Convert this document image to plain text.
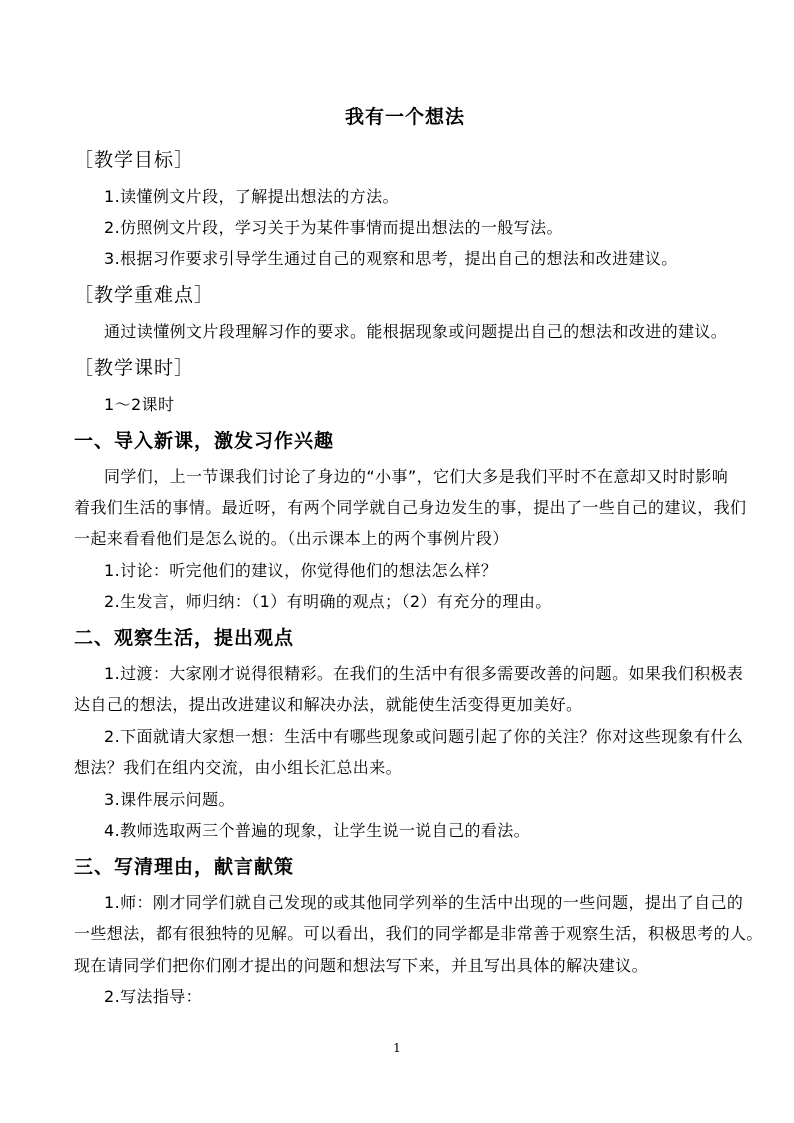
我有一个想法
［教学目标］
1.读懂例文片段，了解提出想法的方法。
2.仿照例文片段，学习关于为某件事情而提出想法的一般写法。
3.根据习作要求引导学生通过自己的观察和思考，提出自己的想法和改进建议。
［教学重难点］
通过读懂例文片段理解习作的要求。能根据现象或问题提出自己的想法和改进的建议。
［教学课时］
1～2课时
一、导入新课，激发习作兴趣
同学们，上一节课我们讨论了身边的“小事”，它们大多是我们平时不在意却又时时影响
着我们生活的事情。最近呀，有两个同学就自己身边发生的事，提出了一些自己的建议，我们
一起来看看他们是怎么说的。（出示课本上的两个事例片段）
1.讨论：听完他们的建议，你觉得他们的想法怎么样？
2.生发言，师归纳：（1）有明确的观点；（2）有充分的理由。
二、观察生活，提出观点
1.过渡：大家刚才说得很精彩。在我们的生活中有很多需要改善的问题。如果我们积极表
达自己的想法，提出改进建议和解决办法，就能使生活变得更加美好。
2.下面就请大家想一想：生活中有哪些现象或问题引起了你的关注？你对这些现象有什么
想法？我们在组内交流，由小组长汇总出来。
3.课件展示问题。
4.教师选取两三个普遍的现象，让学生说一说自己的看法。
三、写清理由，献言献策
1.师：刚才同学们就自己发现的或其他同学列举的生活中出现的一些问题，提出了自己的
一些想法，都有很独特的见解。可以看出，我们的同学都是非常善于观察生活，积极思考的人。
现在请同学们把你们刚才提出的问题和想法写下来，并且写出具体的解决建议。
2.写法指导：
1
